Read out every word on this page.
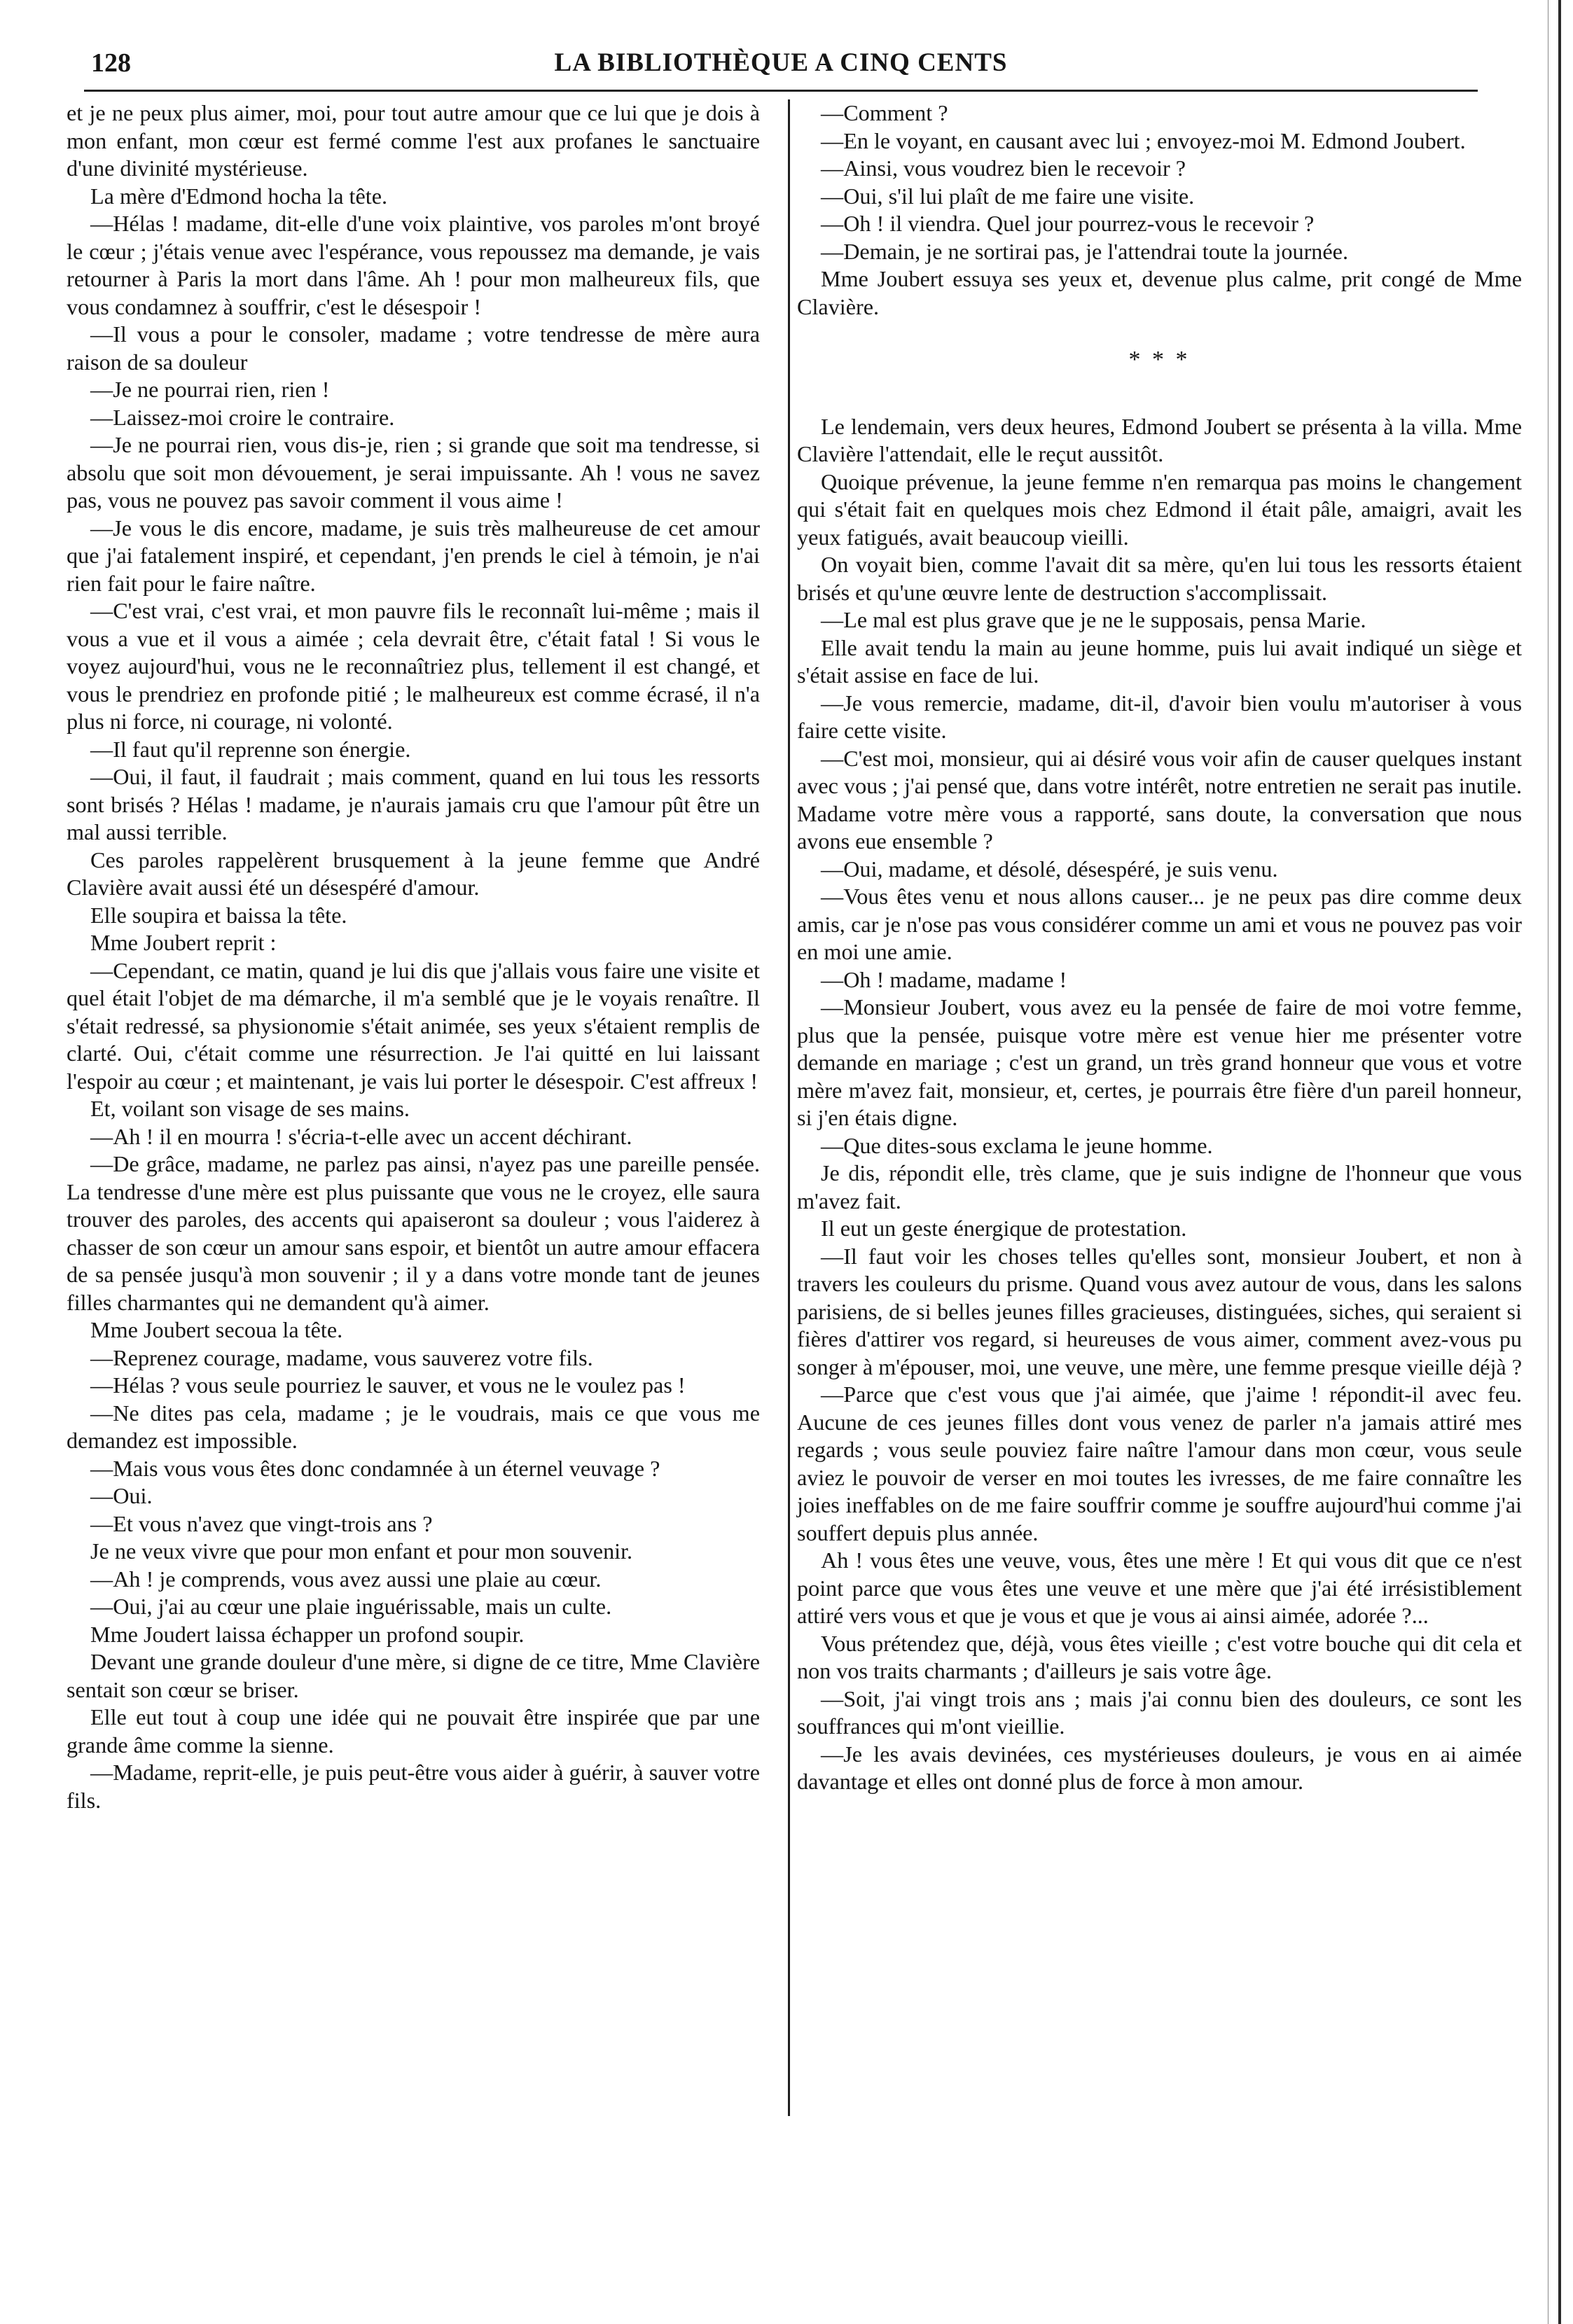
128	LA BIBLIOTHÈQUE A CINQ CENTS

et je ne peux plus aimer, moi, pour tout autre amour que ce lui que je dois à mon enfant, mon cœur est fermé comme l'est aux profanes le sanctuaire d'une divinité mystérieuse.

La mère d'Edmond hocha la tête.

—Hélas ! madame, dit-elle d'une voix plaintive, vos paroles m'ont broyé le cœur ; j'étais venue avec l'espérance, vous repoussez ma demande, je vais retourner à Paris la mort dans l'âme. Ah ! pour mon malheureux fils, que vous condamnez à souffrir, c'est le désespoir !

—Il vous a pour le consoler, madame ; votre tendresse de mère aura raison de sa douleur

—Je ne pourrai rien, rien !

—Laissez-moi croire le contraire.

—Je ne pourrai rien, vous dis-je, rien ; si grande que soit ma tendresse, si absolu que soit mon dévouement, je serai impuissante. Ah ! vous ne savez pas, vous ne pouvez pas savoir comment il vous aime !

—Je vous le dis encore, madame, je suis très malheureuse de cet amour que j'ai fatalement inspiré, et cependant, j'en prends le ciel à témoin, je n'ai rien fait pour le faire naître.

—C'est vrai, c'est vrai, et mon pauvre fils le reconnaît lui-même ; mais il vous a vue et il vous a aimée ; cela devrait être, c'était fatal ! Si vous le voyez aujourd'hui, vous ne le reconnaîtriez plus, tellement il est changé, et vous le prendriez en profonde pitié ; le malheureux est comme écrasé, il n'a plus ni force, ni courage, ni volonté.

—Il faut qu'il reprenne son énergie.

—Oui, il faut, il faudrait ; mais comment, quand en lui tous les ressorts sont brisés ? Hélas ! madame, je n'aurais jamais cru que l'amour pût être un mal aussi terrible.

Ces paroles rappelèrent brusquement à la jeune femme que André Clavière avait aussi été un désespéré d'amour.

Elle soupira et baissa la tête.

Mme Joubert reprit :

—Cependant, ce matin, quand je lui dis que j'allais vous faire une visite et quel était l'objet de ma démarche, il m'a semblé que je le voyais renaître. Il s'était redressé, sa physionomie s'était animée, ses yeux s'étaient remplis de clarté. Oui, c'était comme une résurrection. Je l'ai quitté en lui laissant l'espoir au cœur ; et maintenant, je vais lui porter le désespoir. C'est affreux !

Et, voilant son visage de ses mains.

—Ah ! il en mourra ! s'écria-t-elle avec un accent déchirant.

—De grâce, madame, ne parlez pas ainsi, n'ayez pas une pareille pensée. La tendresse d'une mère est plus puissante que vous ne le croyez, elle saura trouver des paroles, des accents qui apaiseront sa douleur ; vous l'aiderez à chasser de son cœur un amour sans espoir, et bientôt un autre amour effacera de sa pensée jusqu'à mon souvenir ; il y a dans votre monde tant de jeunes filles charmantes qui ne demandent qu'à aimer.

Mme Joubert secoua la tête.

—Reprenez courage, madame, vous sauverez votre fils.

—Hélas ? vous seule pourriez le sauver, et vous ne le voulez pas !

—Ne dites pas cela, madame ; je le voudrais, mais ce que vous me demandez est impossible.

—Mais vous vous êtes donc condamnée à un éternel veuvage ?

—Oui.

—Et vous n'avez que vingt-trois ans ?

Je ne veux vivre que pour mon enfant et pour mon souvenir.

—Ah ! je comprends, vous avez aussi une plaie au cœur.

—Oui, j'ai au cœur une plaie inguérissable, mais un culte.

Mme Joudert laissa échapper un profond soupir.

Devant une grande douleur d'une mère, si digne de ce titre, Mme Clavière sentait son cœur se briser.

Elle eut tout à coup une idée qui ne pouvait être inspirée que par une grande âme comme la sienne.

—Madame, reprit-elle, je puis peut-être vous aider à guérir, à sauver votre fils.

—Comment ?

—En le voyant, en causant avec lui ; envoyez-moi M. Edmond Joubert.

—Ainsi, vous voudrez bien le recevoir ?

—Oui, s'il lui plaît de me faire une visite.

—Oh ! il viendra. Quel jour pourrez-vous le recevoir ?

—Demain, je ne sortirai pas, je l'attendrai toute la journée.

Mme Joubert essuya ses yeux et, devenue plus calme, prit congé de Mme Clavière.

* * *

Le lendemain, vers deux heures, Edmond Joubert se présenta à la villa. Mme Clavière l'attendait, elle le reçut aussitôt.

Quoique prévenue, la jeune femme n'en remarqua pas moins le changement qui s'était fait en quelques mois chez Edmond il était pâle, amaigri, avait les yeux fatigués, avait beaucoup vieilli.

On voyait bien, comme l'avait dit sa mère, qu'en lui tous les ressorts étaient brisés et qu'une œuvre lente de destruction s'accomplissait.

—Le mal est plus grave que je ne le supposais, pensa Marie.

Elle avait tendu la main au jeune homme, puis lui avait indiqué un siège et s'était assise en face de lui.

—Je vous remercie, madame, dit-il, d'avoir bien voulu m'autoriser à vous faire cette visite.

—C'est moi, monsieur, qui ai désiré vous voir afin de causer quelques instant avec vous ; j'ai pensé que, dans votre intérêt, notre entretien ne serait pas inutile. Madame votre mère vous a rapporté, sans doute, la conversation que nous avons eue ensemble ?

—Oui, madame, et désolé, désespéré, je suis venu.

—Vous êtes venu et nous allons causer... je ne peux pas dire comme deux amis, car je n'ose pas vous considérer comme un ami et vous ne pouvez pas voir en moi une amie.

—Oh ! madame, madame !

—Monsieur Joubert, vous avez eu la pensée de faire de moi votre femme, plus que la pensée, puisque votre mère est venue hier me présenter votre demande en mariage ; c'est un grand, un très grand honneur que vous et votre mère m'avez fait, monsieur, et, certes, je pourrais être fière d'un pareil honneur, si j'en étais digne.

—Que dites-sous exclama le jeune homme.

Je dis, répondit elle, très clame, que je suis indigne de l'honneur que vous m'avez fait.

Il eut un geste énergique de protestation.

—Il faut voir les choses telles qu'elles sont, monsieur Joubert, et non à travers les couleurs du prisme. Quand vous avez autour de vous, dans les salons parisiens, de si belles jeunes filles gracieuses, distinguées, siches, qui seraient si fières d'attirer vos regard, si heureuses de vous aimer, comment avez-vous pu songer à m'épouser, moi, une veuve, une mère, une femme presque vieille déjà ?

—Parce que c'est vous que j'ai aimée, que j'aime ! répondit-il avec feu. Aucune de ces jeunes filles dont vous venez de parler n'a jamais attiré mes regards ; vous seule pouviez faire naître l'amour dans mon cœur, vous seule aviez le pouvoir de verser en moi toutes les ivresses, de me faire connaître les joies ineffables on de me faire souffrir comme je souffre aujourd'hui comme j'ai souffert depuis plus année.

Ah ! vous êtes une veuve, vous, êtes une mère ! Et qui vous dit que ce n'est point parce que vous êtes une veuve et une mère que j'ai été irrésistiblement attiré vers vous et que je vous et que je vous ai ainsi aimée, adorée ?...

Vous prétendez que, déjà, vous êtes vieille ; c'est votre bouche qui dit cela et non vos traits charmants ; d'ailleurs je sais votre âge.

—Soit, j'ai vingt trois ans ; mais j'ai connu bien des douleurs, ce sont les souffrances qui m'ont vieillie.

—Je les avais devinées, ces mystérieuses douleurs, je vous en ai aimée davantage et elles ont donné plus de force à mon amour.
